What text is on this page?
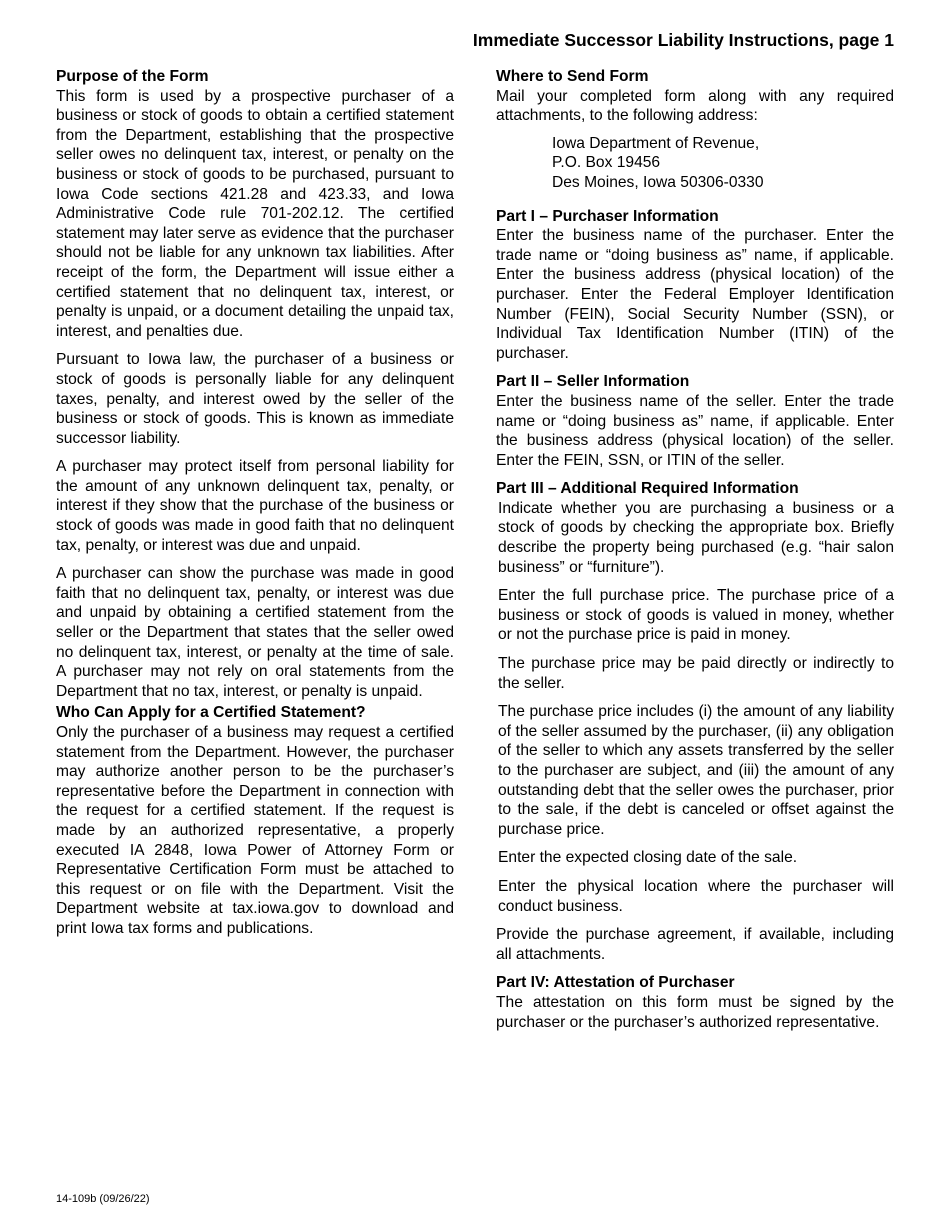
Immediate Successor Liability Instructions, page 1
Purpose of the Form

This form is used by a prospective purchaser of a business or stock of goods to obtain a certified statement from the Department, establishing that the prospective seller owes no delinquent tax, interest, or penalty on the business or stock of goods to be purchased, pursuant to Iowa Code sections 421.28 and 423.33, and Iowa Administrative Code rule 701-202.12. The certified statement may later serve as evidence that the purchaser should not be liable for any unknown tax liabilities. After receipt of the form, the Department will issue either a certified statement that no delinquent tax, interest, or penalty is unpaid, or a document detailing the unpaid tax, interest, and penalties due.

Pursuant to Iowa law, the purchaser of a business or stock of goods is personally liable for any delinquent taxes, penalty, and interest owed by the seller of the business or stock of goods. This is known as immediate successor liability.

A purchaser may protect itself from personal liability for the amount of any unknown delinquent tax, penalty, or interest if they show that the purchase of the business or stock of goods was made in good faith that no delinquent tax, penalty, or interest was due and unpaid.

A purchaser can show the purchase was made in good faith that no delinquent tax, penalty, or interest was due and unpaid by obtaining a certified statement from the seller or the Department that states that the seller owed no delinquent tax, interest, or penalty at the time of sale. A purchaser may not rely on oral statements from the Department that no tax, interest, or penalty is unpaid.

Who Can Apply for a Certified Statement?

Only the purchaser of a business may request a certified statement from the Department. However, the purchaser may authorize another person to be the purchaser’s representative before the Department in connection with the request for a certified statement. If the request is made by an authorized representative, a properly executed IA 2848, Iowa Power of Attorney Form or Representative Certification Form must be attached to this request or on file with the Department. Visit the Department website at tax.iowa.gov to download and print Iowa tax forms and publications.

Where to Send Form

Mail your completed form along with any required attachments, to the following address:

Iowa Department of Revenue,
P.O. Box 19456
Des Moines, Iowa 50306-0330
Part I – Purchaser Information

Enter the business name of the purchaser. Enter the trade name or “doing business as” name, if applicable. Enter the business address (physical location) of the purchaser. Enter the Federal Employer Identification Number (FEIN), Social Security Number (SSN), or Individual Tax Identification Number (ITIN) of the purchaser.

Part II – Seller Information

Enter the business name of the seller. Enter the trade name or “doing business as” name, if applicable. Enter the business address (physical location) of the seller. Enter the FEIN, SSN, or ITIN of the seller.

Part III – Additional Required Information

Indicate whether you are purchasing a business or a stock of goods by checking the appropriate box. Briefly describe the property being purchased (e.g. “hair salon business” or “furniture”).

Enter the full purchase price. The purchase price of a business or stock of goods is valued in money, whether or not the purchase price is paid in money.

The purchase price may be paid directly or indirectly to the seller.

The purchase price includes (i) the amount of any liability of the seller assumed by the purchaser, (ii) any obligation of the seller to which any assets transferred by the seller to the purchaser are subject, and (iii) the amount of any outstanding debt that the seller owes the purchaser, prior to the sale, if the debt is canceled or offset against the purchase price.

Enter the expected closing date of the sale.

Enter the physical location where the purchaser will conduct business.

Provide the purchase agreement, if available, including all attachments.

Part IV: Attestation of Purchaser

The attestation on this form must be signed by the purchaser or the purchaser’s authorized representative.

14-109b (09/26/22)
